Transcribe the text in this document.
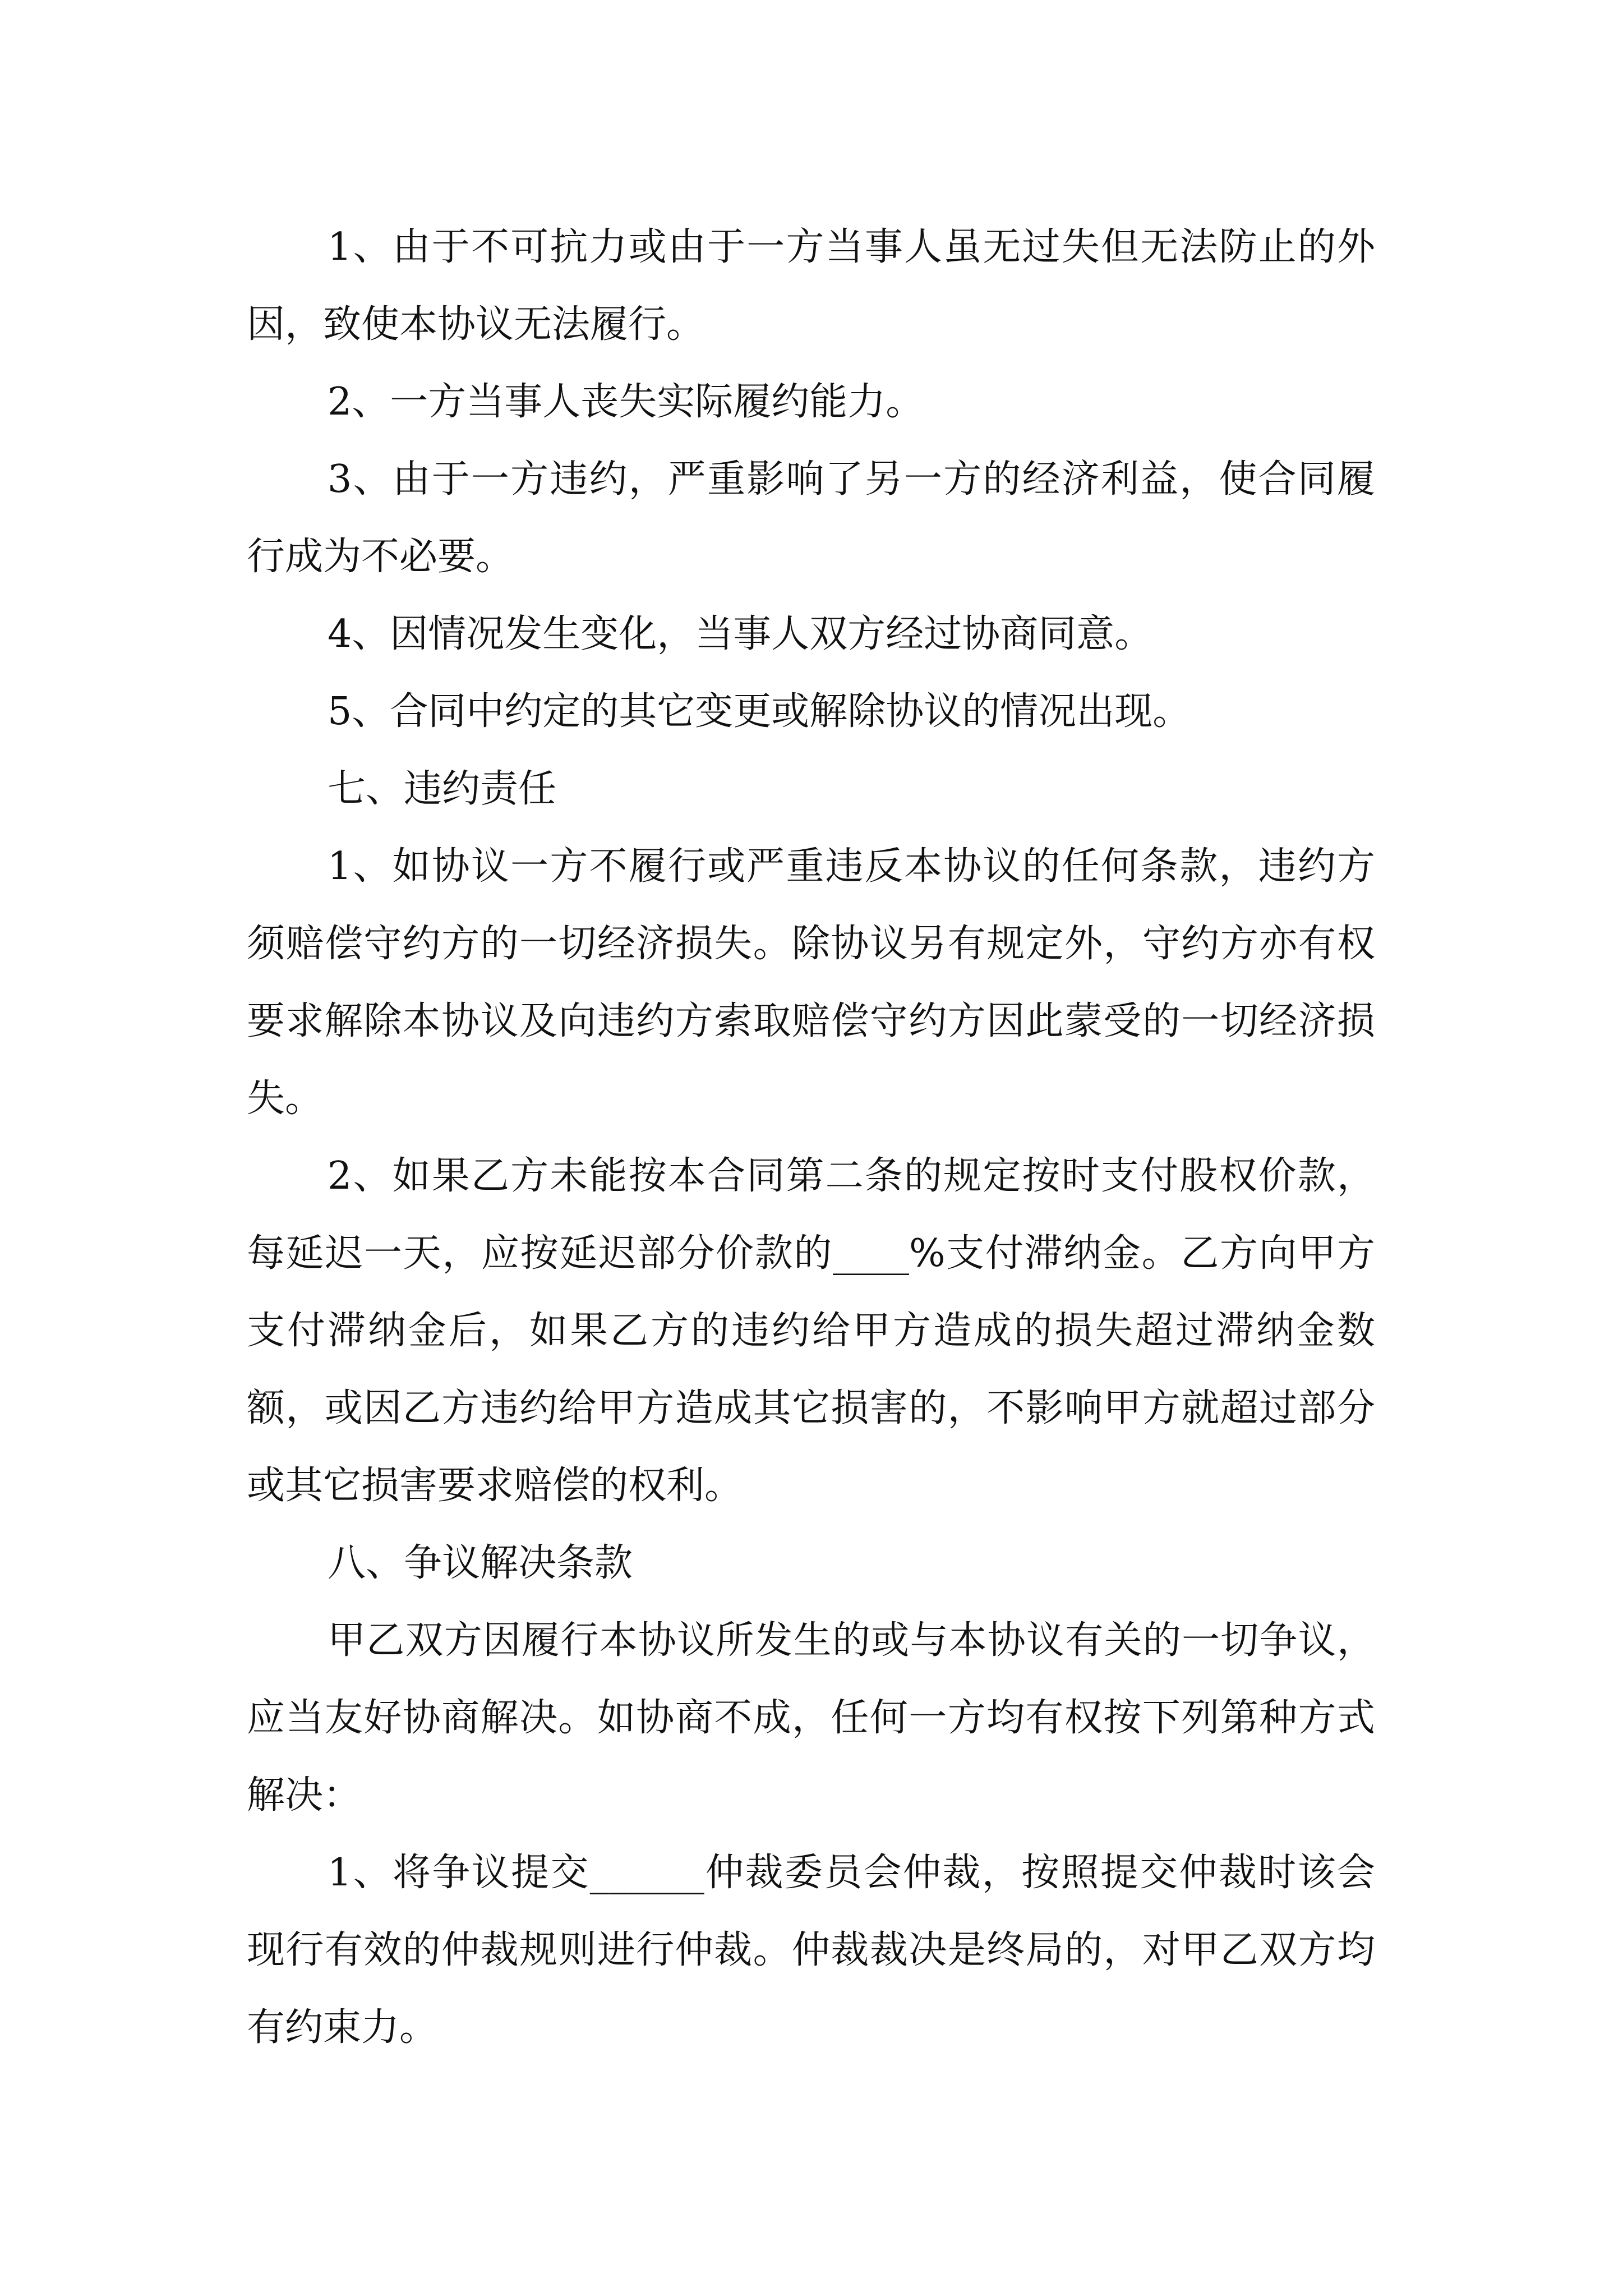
1、由于不可抗力或由于一方当事人虽无过失但无法防止的外因，致使本协议无法履行。

2、一方当事人丧失实际履约能力。

3、由于一方违约，严重影响了另一方的经济利益，使合同履行成为不必要。

4、因情况发生变化，当事人双方经过协商同意。

5、合同中约定的其它变更或解除协议的情况出现。

七、违约责任

1、如协议一方不履行或严重违反本协议的任何条款，违约方须赔偿守约方的一切经济损失。除协议另有规定外，守约方亦有权要求解除本协议及向违约方索取赔偿守约方因此蒙受的一切经济损失。

2、如果乙方未能按本合同第二条的规定按时支付股权价款，每延迟一天，应按延迟部分价款的____%支付滞纳金。乙方向甲方支付滞纳金后，如果乙方的违约给甲方造成的损失超过滞纳金数额，或因乙方违约给甲方造成其它损害的，不影响甲方就超过部分或其它损害要求赔偿的权利。

八、争议解决条款

甲乙双方因履行本协议所发生的或与本协议有关的一切争议，应当友好协商解决。如协商不成，任何一方均有权按下列第种方式解决：

1、将争议提交______仲裁委员会仲裁，按照提交仲裁时该会现行有效的仲裁规则进行仲裁。仲裁裁决是终局的，对甲乙双方均有约束力。
